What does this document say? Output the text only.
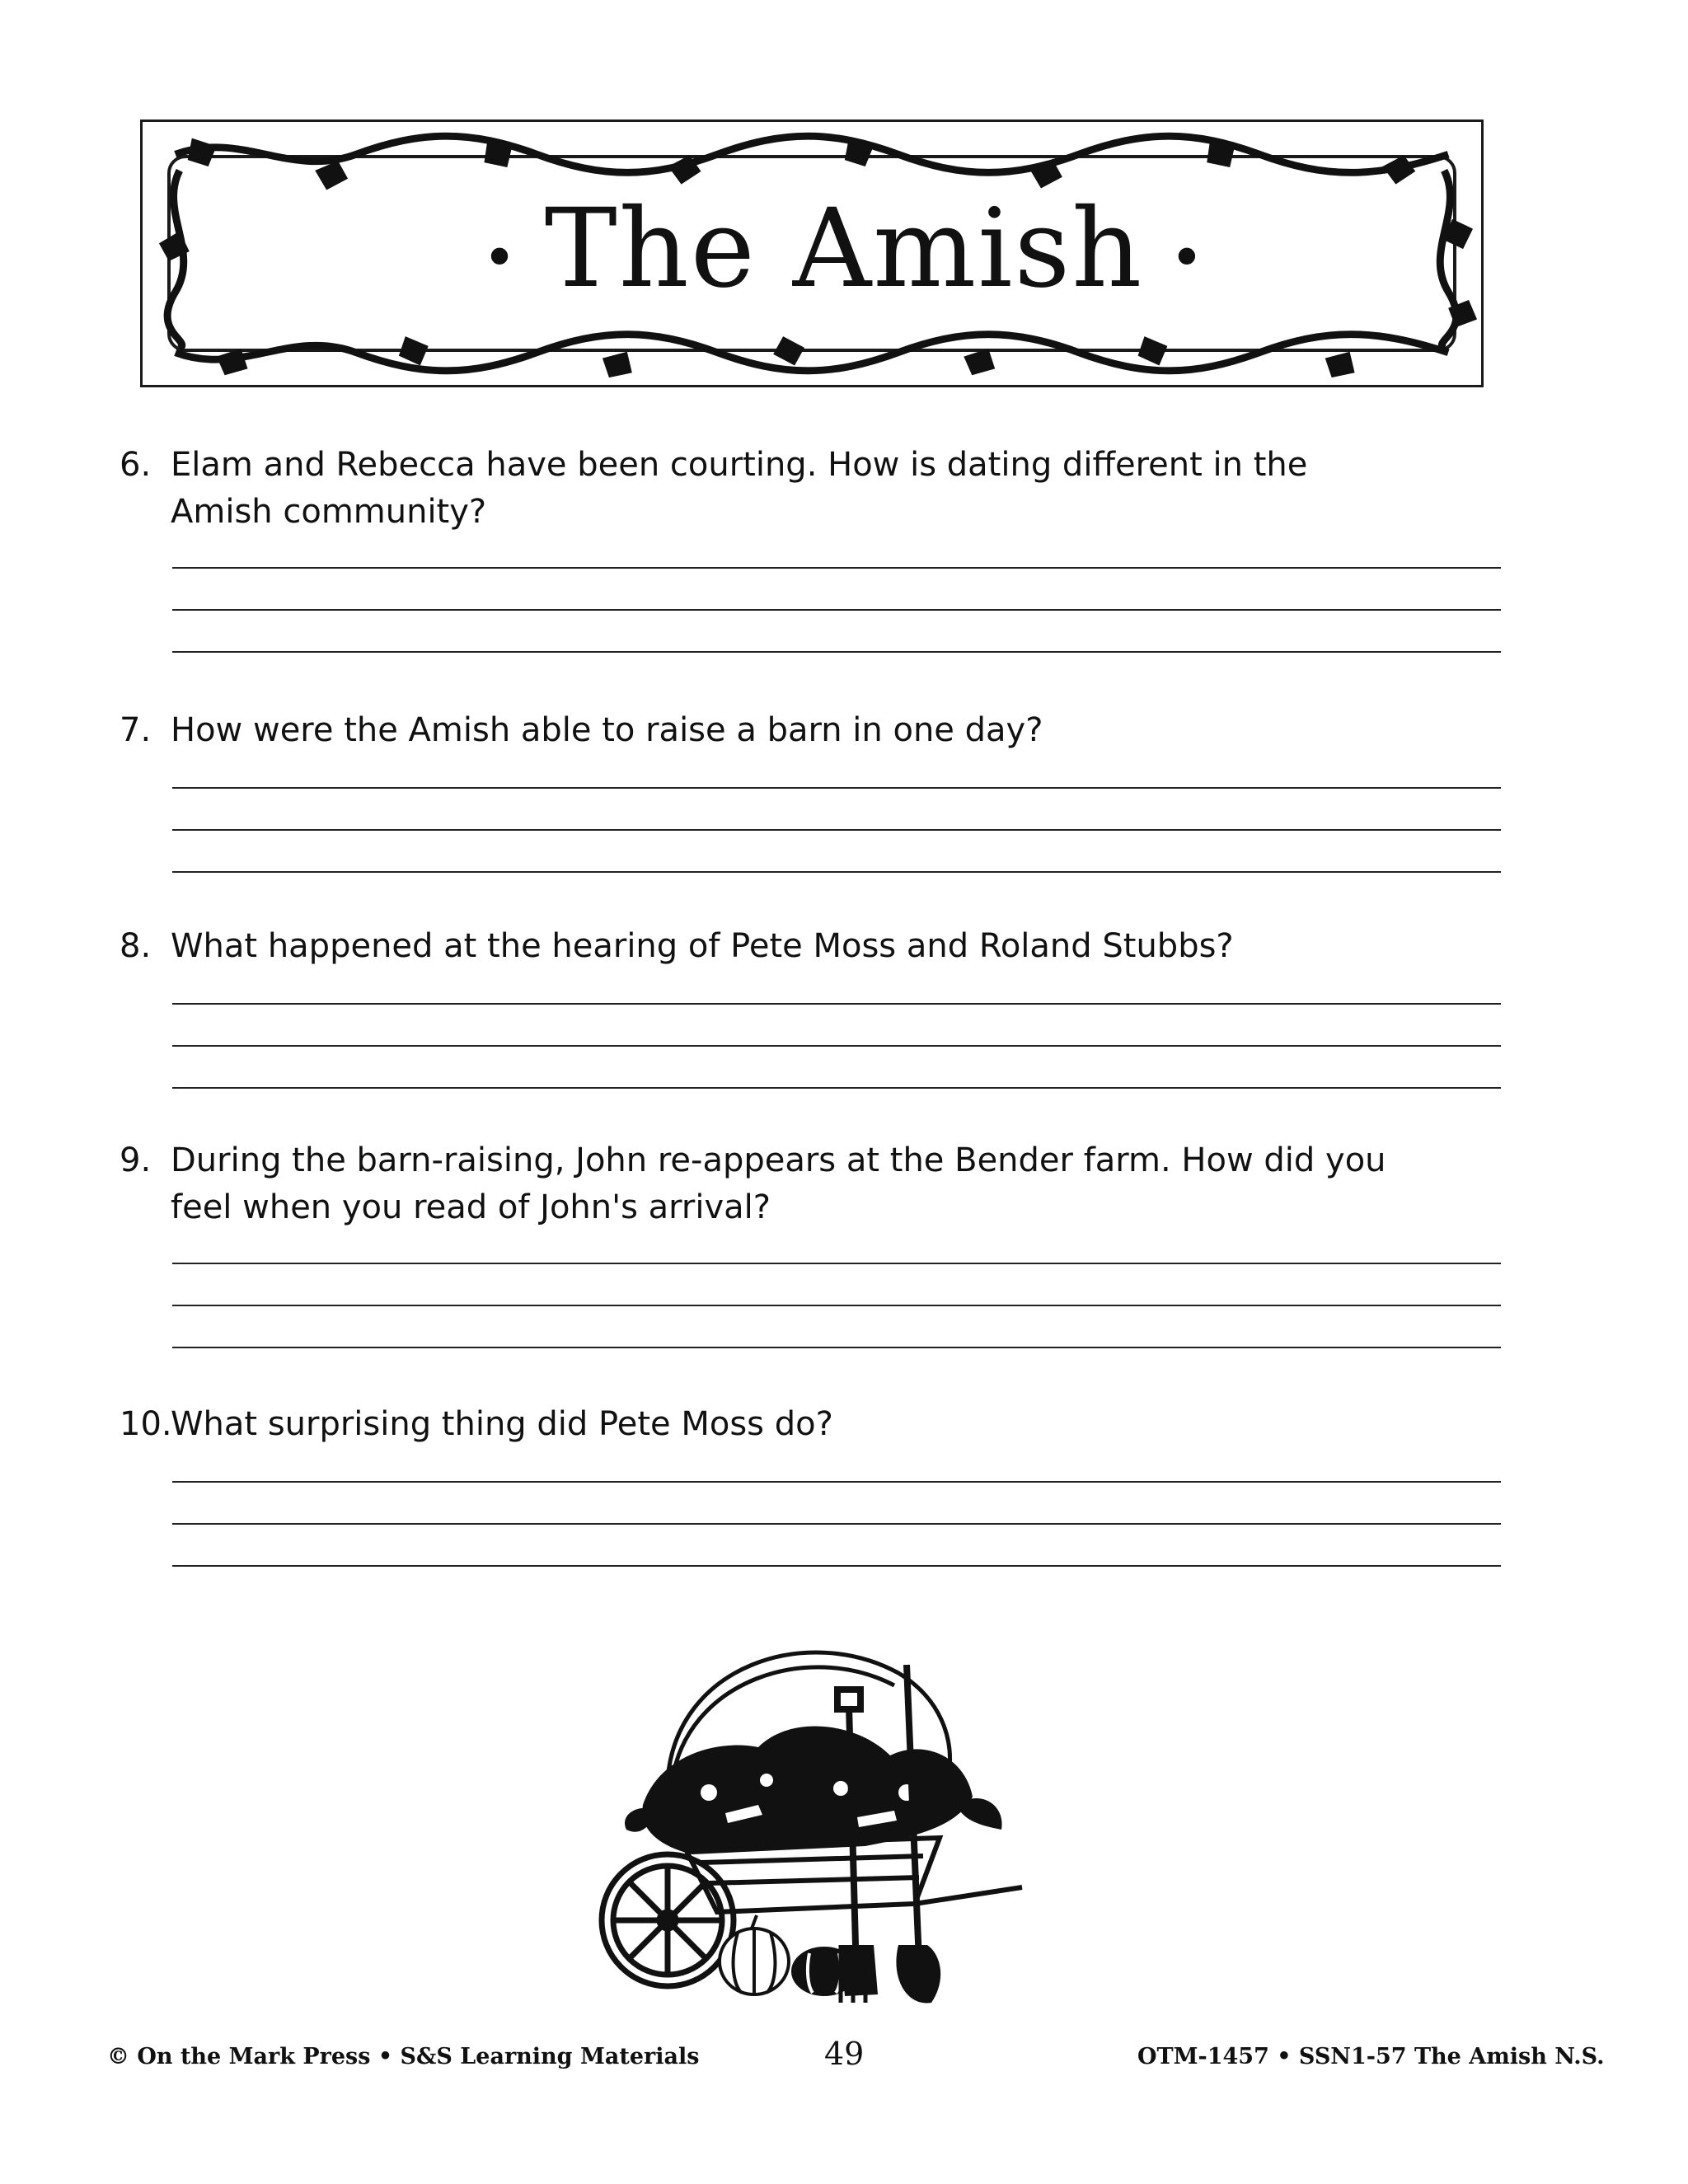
• The Amish •
6. Elam and Rebecca have been courting. How is dating different in the
Amish community?
7. How were the Amish able to raise a barn in one day?
8. What happened at the hearing of Pete Moss and Roland Stubbs?
9. During the barn-raising, John re-appears at the Bender farm. How did you
feel when you read of John's arrival?
10.
What surprising thing did Pete Moss do?
© On the Mark Press • S&S Learning Materials	49	OTM-1457 • SSN1-57 The Amish N.S.
